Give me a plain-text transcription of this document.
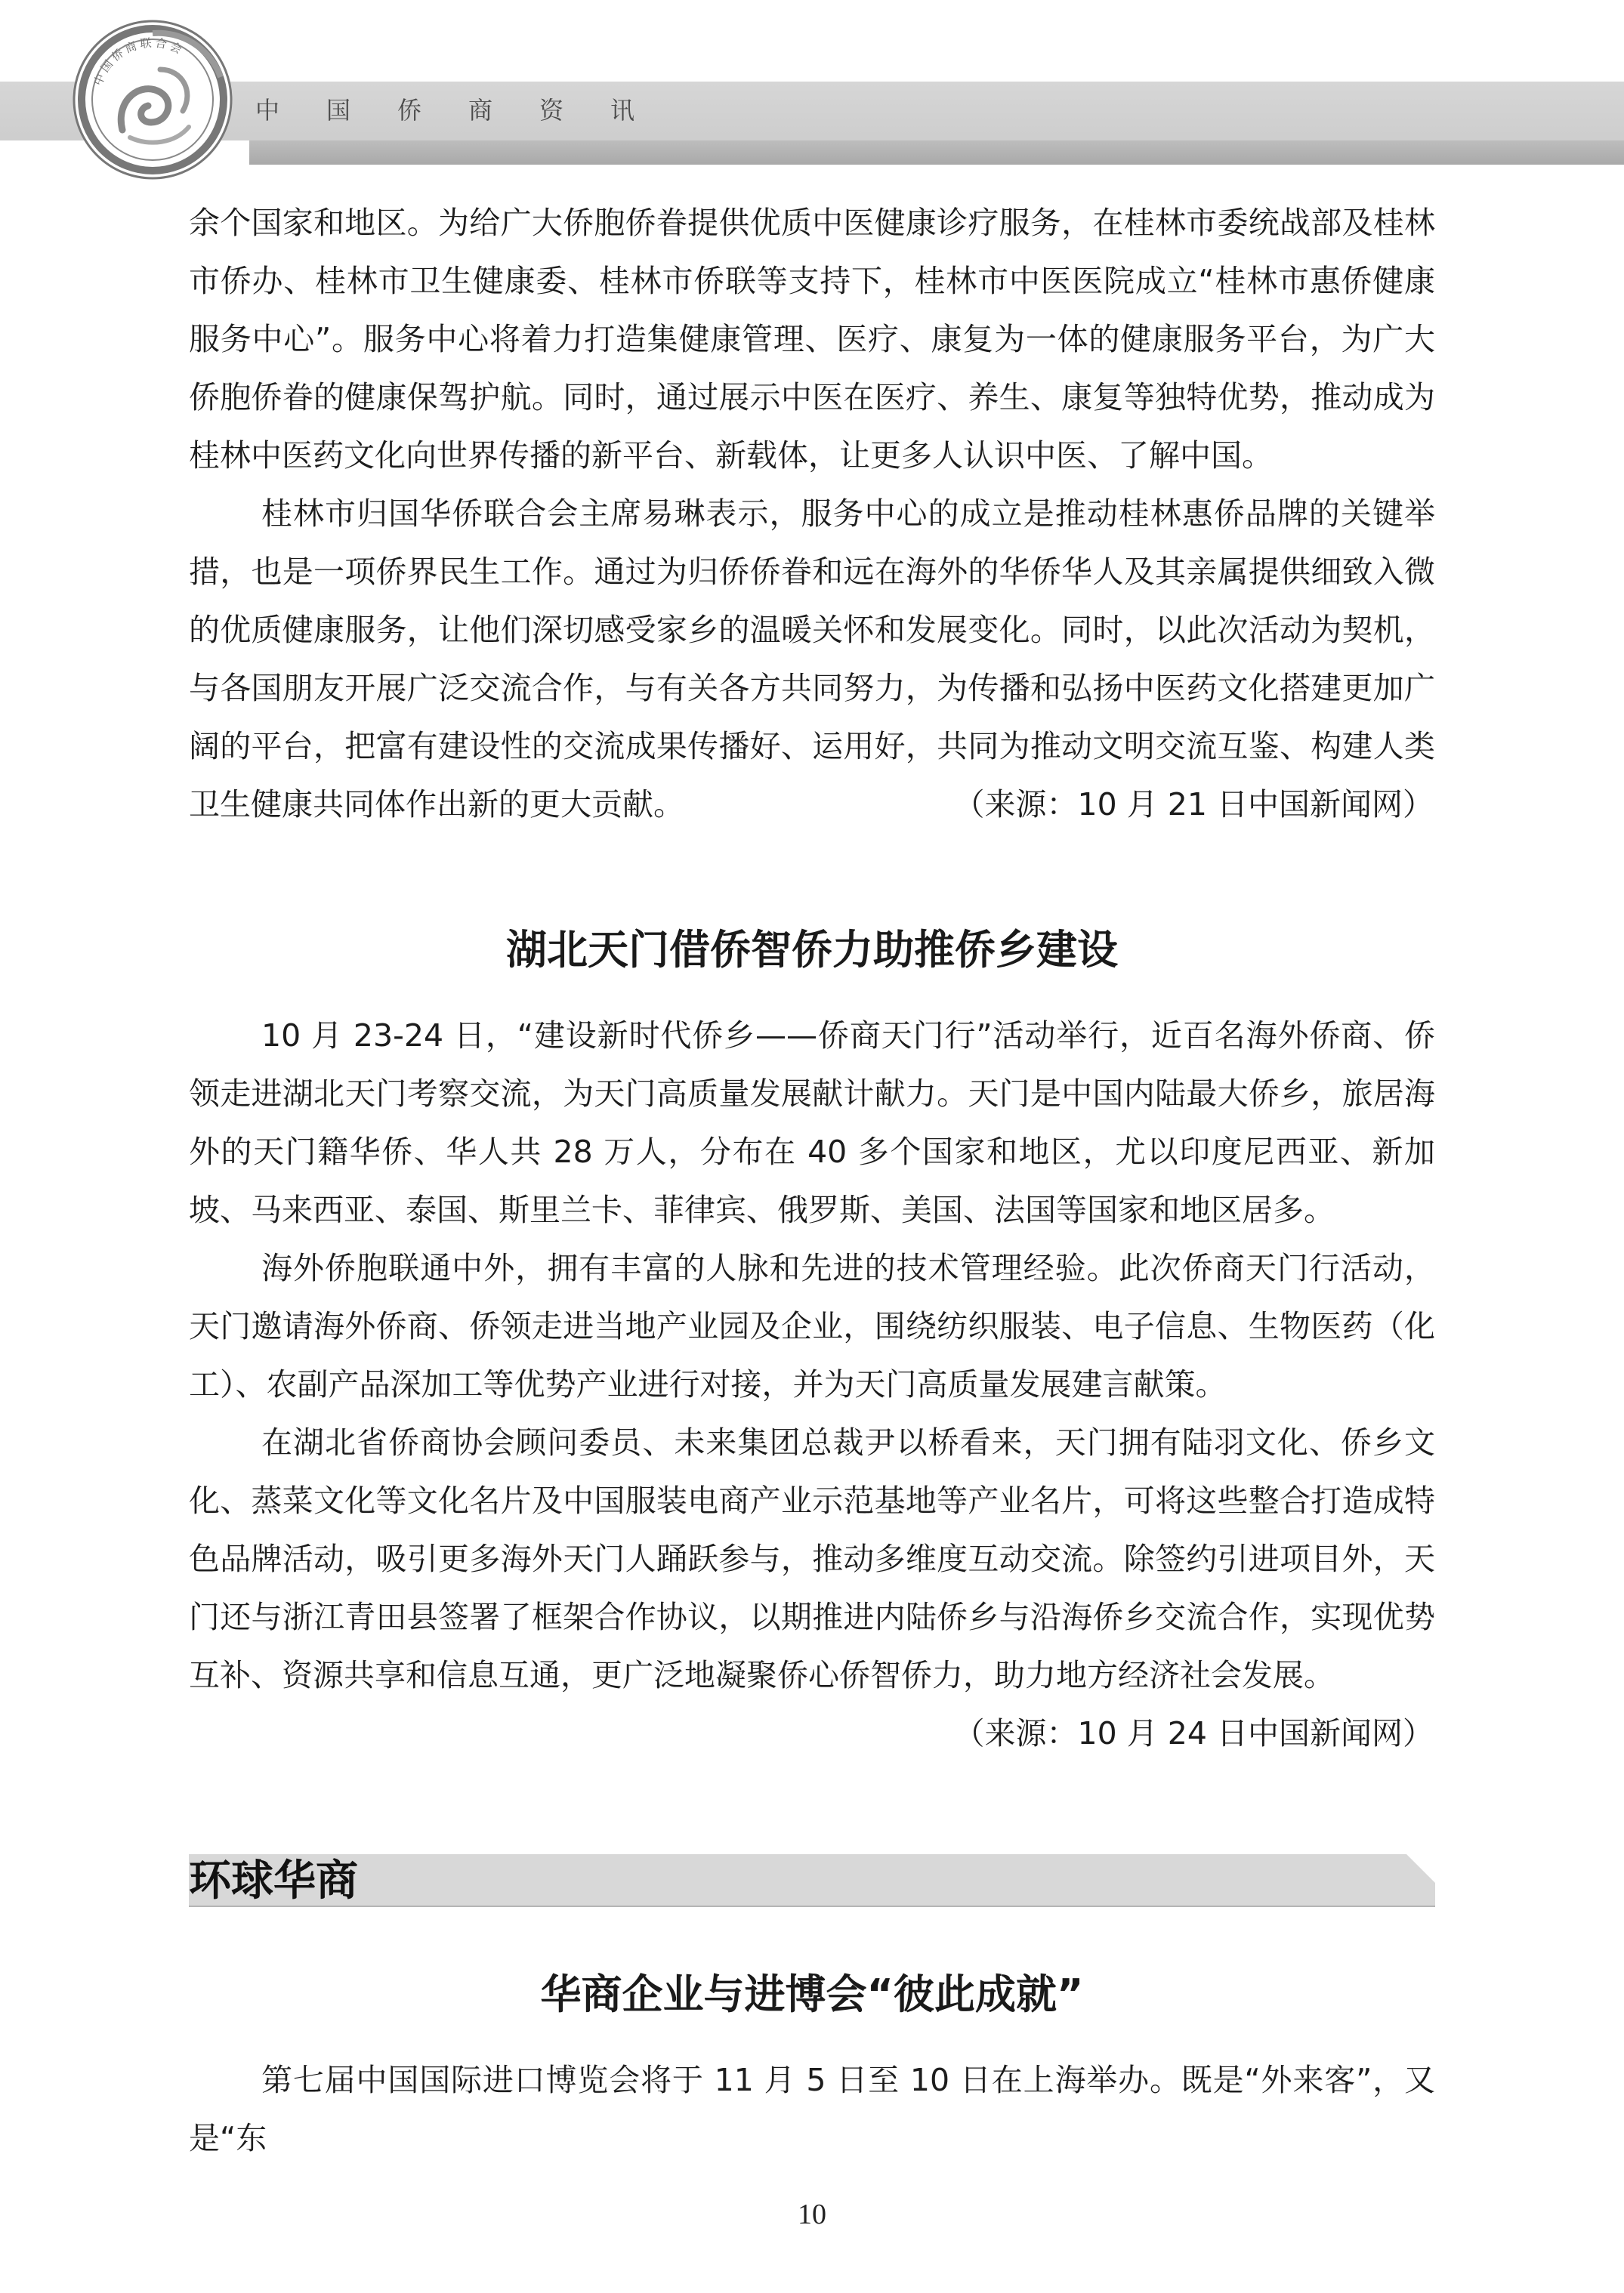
中国侨商资讯
中国侨商联合会

余个国家和地区。为给广大侨胞侨眷提供优质中医健康诊疗服务，在桂林市委统战部及桂林市侨办、桂林市卫生健康委、桂林市侨联等支持下，桂林市中医医院成立“桂林市惠侨健康服务中心”。服务中心将着力打造集健康管理、医疗、康复为一体的健康服务平台，为广大侨胞侨眷的健康保驾护航。同时，通过展示中医在医疗、养生、康复等独特优势，推动成为桂林中医药文化向世界传播的新平台、新载体，让更多人认识中医、了解中国。

桂林市归国华侨联合会主席易琳表示，服务中心的成立是推动桂林惠侨品牌的关键举措，也是一项侨界民生工作。通过为归侨侨眷和远在海外的华侨华人及其亲属提供细致入微的优质健康服务，让他们深切感受家乡的温暖关怀和发展变化。同时，以此次活动为契机，与各国朋友开展广泛交流合作，与有关各方共同努力，为传播和弘扬中医药文化搭建更加广阔的平台，把富有建设性的交流成果传播好、运用好，共同为推动文明交流互鉴、构建人类卫生健康共同体作出新的更大贡献。	（来源：10 月 21 日中国新闻网）
湖北天门借侨智侨力助推侨乡建设

10 月 23-24 日，“建设新时代侨乡——侨商天门行”活动举行，近百名海外侨商、侨领走进湖北天门考察交流，为天门高质量发展献计献力。天门是中国内陆最大侨乡，旅居海外的天门籍华侨、华人共 28 万人，分布在 40 多个国家和地区，尤以印度尼西亚、新加坡、马来西亚、泰国、斯里兰卡、菲律宾、俄罗斯、美国、法国等国家和地区居多。

海外侨胞联通中外，拥有丰富的人脉和先进的技术管理经验。此次侨商天门行活动，天门邀请海外侨商、侨领走进当地产业园及企业，围绕纺织服装、电子信息、生物医药（化工）、农副产品深加工等优势产业进行对接，并为天门高质量发展建言献策。

在湖北省侨商协会顾问委员、未来集团总裁尹以桥看来，天门拥有陆羽文化、侨乡文化、蒸菜文化等文化名片及中国服装电商产业示范基地等产业名片，可将这些整合打造成特色品牌活动，吸引更多海外天门人踊跃参与，推动多维度互动交流。除签约引进项目外，天门还与浙江青田县签署了框架合作协议，以期推进内陆侨乡与沿海侨乡交流合作，实现优势互补、资源共享和信息互通，更广泛地凝聚侨心侨智侨力，助力地方经济社会发展。

（来源：10 月 24 日中国新闻网）
环球华商
华商企业与进博会“彼此成就”

第七届中国国际进口博览会将于 11 月 5 日至 10 日在上海举办。既是“外来客”，又是“东

10
